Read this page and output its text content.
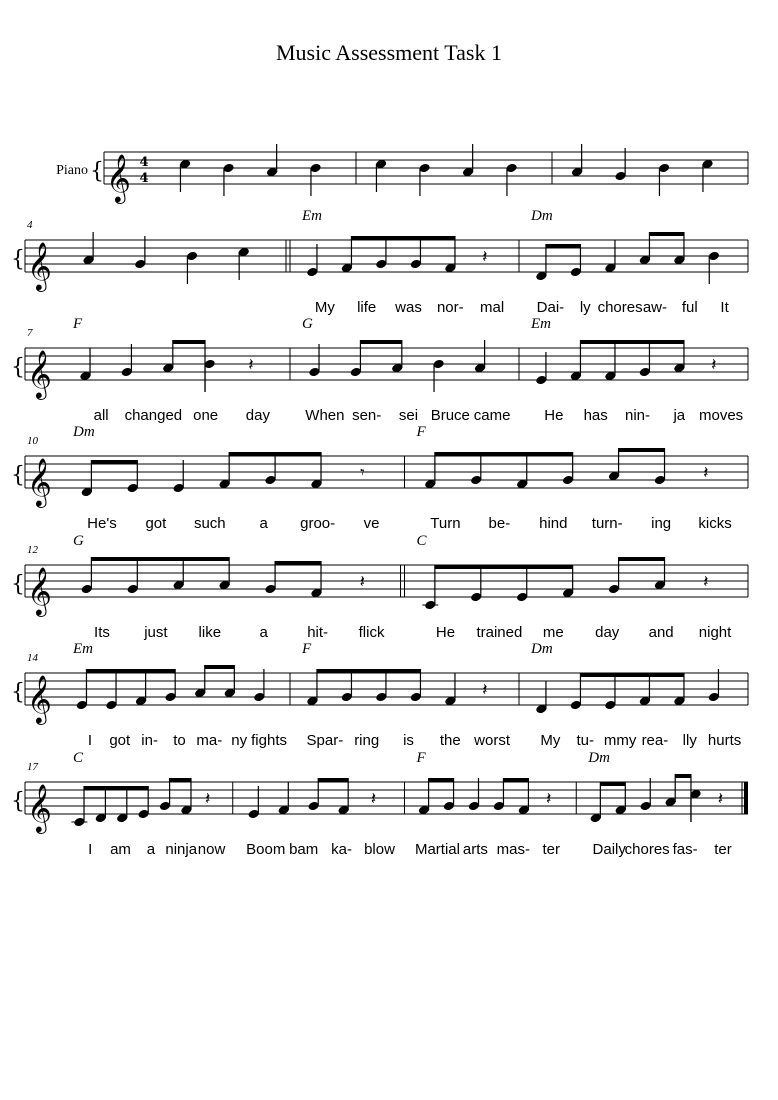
Music Assessment Task 1
{ 𝄞
Piano
4
4
{ 𝄞
4
Em
𝄽
My life was nor- mal
Dm
Dai- ly chores aw- ful It
{ 𝄞
7
F
𝄽
all changed one day
G
When sen- sei Bruce came
Em
𝄽
He has nin- ja moves
{ 𝄞
10
Dm
𝄾
He's got such a groo- ve
F
𝄽
Turn be- hind turn- ing kicks
{ 𝄞
12
G
𝄽
Its just like	a	hit- flick
C
𝄽
He trained me day and night
{ 𝄞
14
Em
I got in- to ma- ny fights
F
𝄽
Spar- ring is the worst
Dm
My tu- mmy rea- lly hurts
{ 𝄞
17
C
𝄽
I am a ninja now
𝄽
Boom bam ka- blow
F
𝄽
Martial arts mas- ter
Dm
𝄽
Daily
chores fas- ter
